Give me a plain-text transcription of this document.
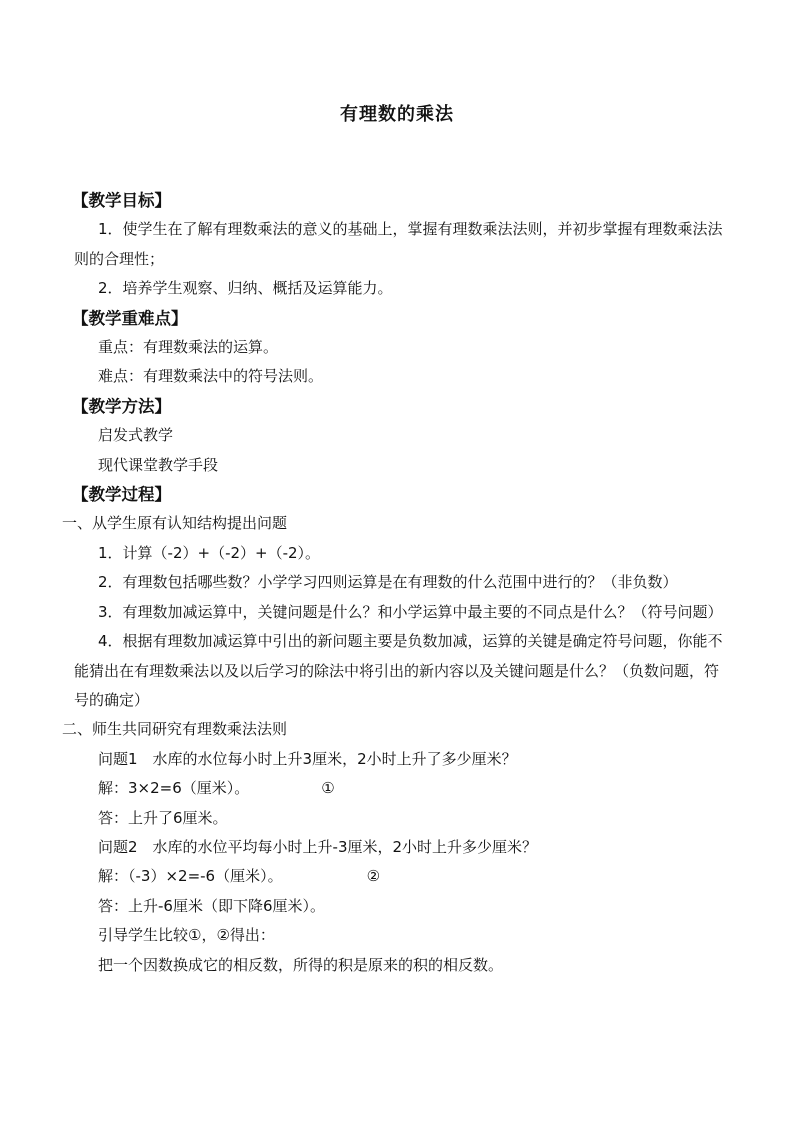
有理数的乘法

【教学目标】

1．使学生在了解有理数乘法的意义的基础上，掌握有理数乘法法则，并初步掌握有理数乘法法则的合理性；

2．培养学生观察、归纳、概括及运算能力。

【教学重难点】

重点：有理数乘法的运算。

难点：有理数乘法中的符号法则。

【教学方法】

启发式教学

现代课堂教学手段

【教学过程】

一、从学生原有认知结构提出问题

1．计算（-2）+（-2）+（-2）。

2．有理数包括哪些数？小学学习四则运算是在有理数的什么范围中进行的？（非负数）

3．有理数加减运算中，关键问题是什么？和小学运算中最主要的不同点是什么？（符号问题）

4．根据有理数加减运算中引出的新问题主要是负数加减，运算的关键是确定符号问题，你能不能猜出在有理数乘法以及以后学习的除法中将引出的新内容以及关键问题是什么？（负数问题，符号的确定）

二、师生共同研究有理数乘法法则

问题1　水库的水位每小时上升3厘米，2小时上升了多少厘米？

解：3×2=6（厘米）。	①

答：上升了6厘米。

问题2　水库的水位平均每小时上升-3厘米，2小时上升多少厘米？

解：（-3）×2=-6（厘米）。	②

答：上升-6厘米（即下降6厘米）。

引导学生比较①，②得出：

把一个因数换成它的相反数，所得的积是原来的积的相反数。
